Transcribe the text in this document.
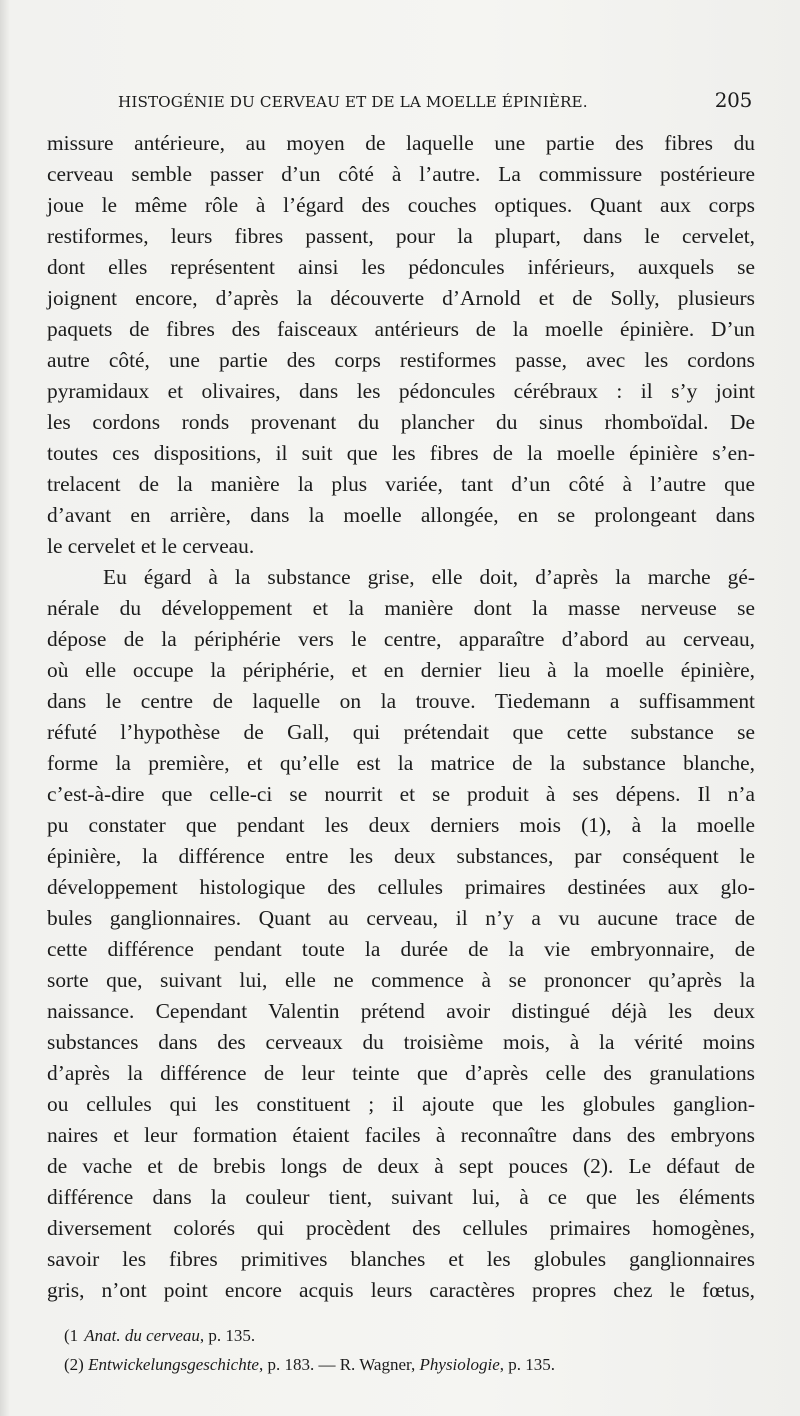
HISTOGÉNIE DU CERVEAU ET DE LA MOELLE ÉPINIÈRE.	205
missure antérieure, au moyen de laquelle une partie des fibres du
cerveau semble passer d’un côté à l’autre. La commissure postérieure
joue le même rôle à l’égard des couches optiques. Quant aux corps
restiformes, leurs fibres passent, pour la plupart, dans le cervelet,
dont elles représentent ainsi les pédoncules inférieurs, auxquels se
joignent encore, d’après la découverte d’Arnold et de Solly, plusieurs
paquets de fibres des faisceaux antérieurs de la moelle épinière. D’un
autre côté, une partie des corps restiformes passe, avec les cordons
pyramidaux et olivaires, dans les pédoncules cérébraux : il s’y joint
les cordons ronds provenant du plancher du sinus rhomboïdal. De
toutes ces dispositions, il suit que les fibres de la moelle épinière s’en-
trelacent de la manière la plus variée, tant d’un côté à l’autre que
d’avant en arrière, dans la moelle allongée, en se prolongeant dans
le cervelet et le cerveau.
Eu égard à la substance grise, elle doit, d’après la marche gé-
nérale du développement et la manière dont la masse nerveuse se
dépose de la périphérie vers le centre, apparaître d’abord au cerveau,
où elle occupe la périphérie, et en dernier lieu à la moelle épinière,
dans le centre de laquelle on la trouve. Tiedemann a suffisamment
réfuté l’hypothèse de Gall, qui prétendait que cette substance se
forme la première, et qu’elle est la matrice de la substance blanche,
c’est-à-dire que celle-ci se nourrit et se produit à ses dépens. Il n’a
pu constater que pendant les deux derniers mois (1), à la moelle
épinière, la différence entre les deux substances, par conséquent le
développement histologique des cellules primaires destinées aux glo-
bules ganglionnaires. Quant au cerveau, il n’y a vu aucune trace de
cette différence pendant toute la durée de la vie embryonnaire, de
sorte que, suivant lui, elle ne commence à se prononcer qu’après la
naissance. Cependant Valentin prétend avoir distingué déjà les deux
substances dans des cerveaux du troisième mois, à la vérité moins
d’après la différence de leur teinte que d’après celle des granulations
ou cellules qui les constituent ; il ajoute que les globules ganglion-
naires et leur formation étaient faciles à reconnaître dans des embryons
de vache et de brebis longs de deux à sept pouces (2). Le défaut de
différence dans la couleur tient, suivant lui, à ce que les éléments
diversement colorés qui procèdent des cellules primaires homogènes,
savoir les fibres primitives blanches et les globules ganglionnaires
gris, n’ont point encore acquis leurs caractères propres chez le fœtus,
(1 Anat. du cerveau, p. 135.
(2) Entwickelungsgeschichte, p. 183. — R. Wagner, Physiologie, p. 135.
